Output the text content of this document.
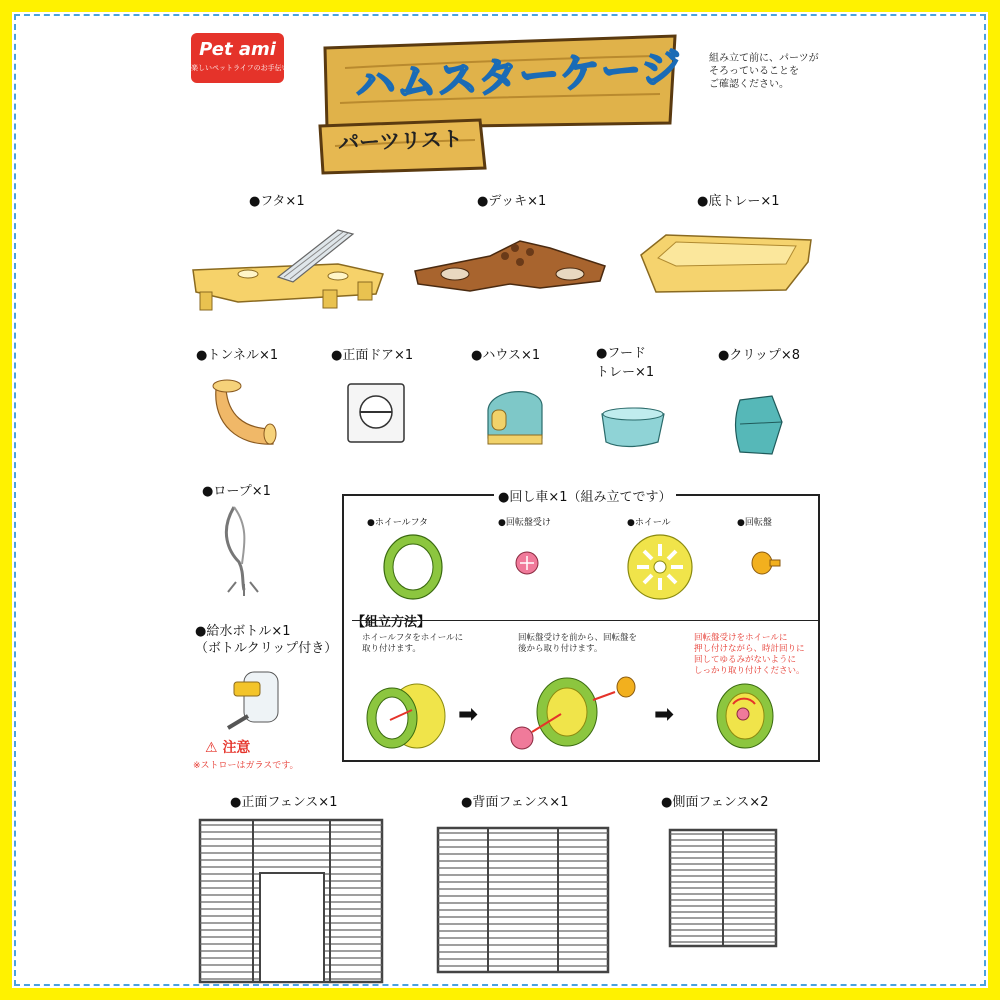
Pet ami
楽しいペットライフのお手伝い ハムスターケージ
パーツリスト
組み立て前に、パーツが
そろっていることを
ご確認ください。
●フタ×1	●デッキ×1	●底トレー×1
●トンネル×1	●正面ドア×1	●ハウス×1	●フード
トレー×1
●クリップ×8
●ロープ×1
●給水ボトル×1
（ボトルクリップ付き）
⚠ 注意
※ストローはガラスです。
●回し車×1（組み立てです）
●ホイールフタ	●回転盤受け	●ホイール	●回転盤
【組立方法】
ホイールフタをホイールに
取り付けます。
回転盤受けを前から、回転盤を
後から取り付けます。
回転盤受けをホイールに
押し付けながら、時計回りに
回してゆるみがないように
しっかり取り付けください。
➡	➡
●正面フェンス×1	●背面フェンス×1	●側面フェンス×2
